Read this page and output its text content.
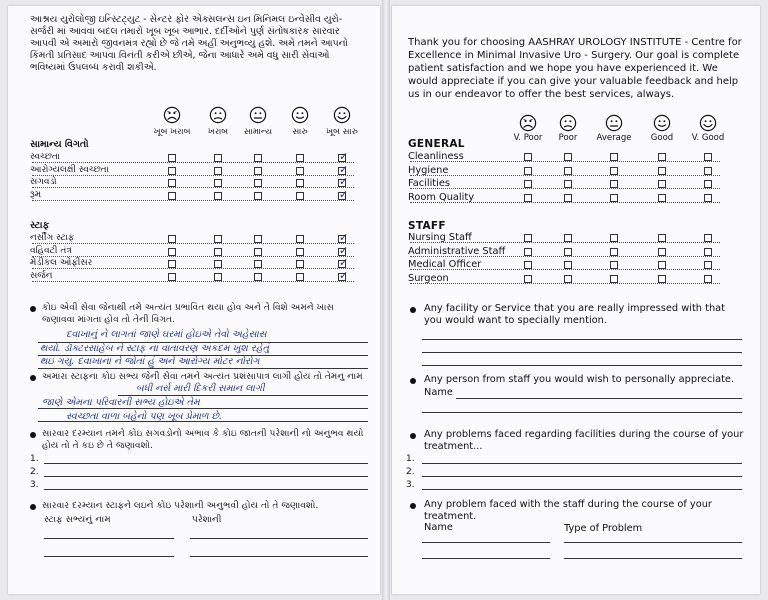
આશ્રય યુરોલોજી ઇન્સ્ટિટ્યુટ - સેન્ટર ફોર એક્સલન્સ ઇન મિનિમલ ઇન્વેસીવ યુરો-સર્જરી માં આવવા બદલ તમારો ખૂબ ખૂબ આભાર. દર્દીઓને પુર્ણ સંતોષકારક સારવાર આપવી એ અમારો જીવનમંત્ર રહ્યો છે જે તમે અહીં અનુભવ્યુ હશે. અમે તમને આપનો કિંમતી પ્રતિસાદ આપવા વિનંતી કરીએ છીએ, જેના આધારે અમે વધુ સારી સેવાઓ ભવિષ્યમાં ઉપલબ્ધ કરાવી શકીએ.
ખૂબ ખરાબ	ખરાબ	સામાન્ય	સારુ	ખૂબ સારુ
સામાન્ય વિગતો
સ્વચ્છતા	✓
આરોગ્યલક્ષી સ્વચ્છતા	✓
સગવડો	✓
રૂમ	✓
સ્ટાફ
નર્સીંગ સ્ટાફ	✓
વહિવટી તંત્ર	✓
મેડીકલ ઓફીસર	✓
સર્જન	✓
કોઇ એવી સેવા જેનાથી તમે અત્યંત પ્રભાવિત થયા હોવ અને તે વિશે અમને ખાસ જણાવવા માંગતા હોવ તો તેની વિગત.
દવાખાનું ને લાગતાં જાણે ઘરમાં હોઇએ તેવો અહેસાસ
થયો. ડૉક્ટરસાહેબ ને સ્ટાફ ના વાતાવરણ અકદમ ખુશ રહેતું
થઇ ગયુ. દવાખાના ને જોતાં હું અને આરોગ્ય મોટર નોરોગ
અમારા સ્ટાફના કોઇ સભ્ય જેની સેવા તમને અત્યંત પ્રશંસાપાત્ર લાગી હોય તો તેમનુ નામ
બધી નર્સ મારી દિકરી સમાન લાગી
જાણે એમના પરિવારની સભ્ય હોઇએ તેમ
સ્વચ્છતા વાળા બહેનો પણ ખૂબ પ્રેમાળ છે.
સારવાર દરમ્યાન તમને કોઇ સગવડોનો અભાવ કે કોઇ જાતની પરેશાની નો અનુભવ થયો હોય તો તે કઇ છે તે જણાવશો.
1.
2.
3.
સારવાર દરમ્યાન સ્ટાફને લઇને કોઇ પરેશાની અનુભવી હોય તો તે જણાવશો.
સ્ટાફ સભ્યનું નામ	પરેશાની
Thank you for choosing AASHRAY UROLOGY INSTITUTE - Centre for Excellence in Minimal Invasive Uro - Surgery. Our goal is complete patient satisfaction and we hope you have experienced it. We would appreciate if you can give your valuable feedback and help us in our endeavor to offer the best services, always.
V. Poor	Poor	Average	Good	V. Good
GENERAL
Cleanliness
Hygiene
Facilities
Room Quality
STAFF
Nursing Staff
Administrative Staff
Medical Officer
Surgeon
Any facility or Service that you are really impressed with that you would want to specially mention.
Any person from staff you would wish to personally appreciate.
Name
Any problems faced regarding facilities during the course of your treatment...
1.
2.
3.
Any problem faced with the staff during the course of your treatment.
Name	Type of Problem
